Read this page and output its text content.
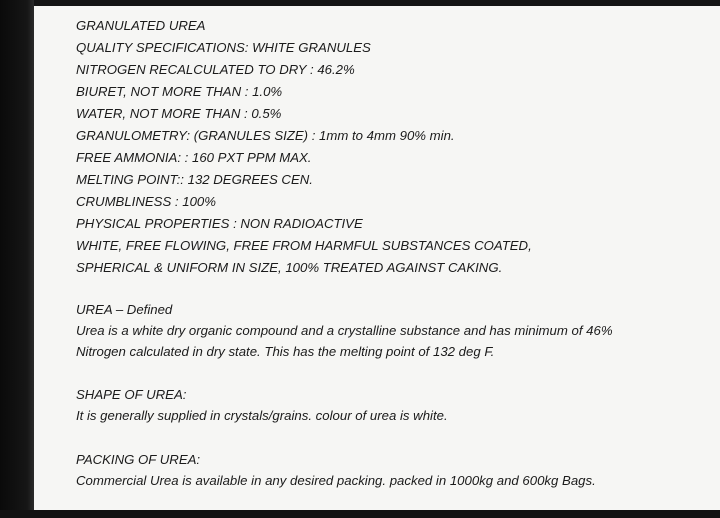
GRANULATED UREA
QUALITY SPECIFICATIONS: WHITE GRANULES
NITROGEN RECALCULATED TO DRY : 46.2%
BIURET, NOT MORE THAN : 1.0%
WATER, NOT MORE THAN : 0.5%
GRANULOMETRY: (GRANULES SIZE) : 1mm to 4mm 90% min.
FREE AMMONIA: : 160 PXT PPM MAX.
MELTING POINT:: 132 DEGREES CEN.
CRUMBLINESS : 100%
PHYSICAL PROPERTIES : NON RADIOACTIVE
WHITE, FREE FLOWING, FREE FROM HARMFUL SUBSTANCES COATED,
SPHERICAL & UNIFORM IN SIZE, 100% TREATED AGAINST CAKING.
UREA – Defined
Urea is a white dry organic compound and a crystalline substance and has minimum of 46%
Nitrogen calculated in dry state. This has the melting point of 132 deg F.
SHAPE OF UREA:
It is generally supplied in crystals/grains. colour of urea is white.
PACKING OF UREA:
Commercial Urea is available in any desired packing. packed in 1000kg and 600kg Bags.
